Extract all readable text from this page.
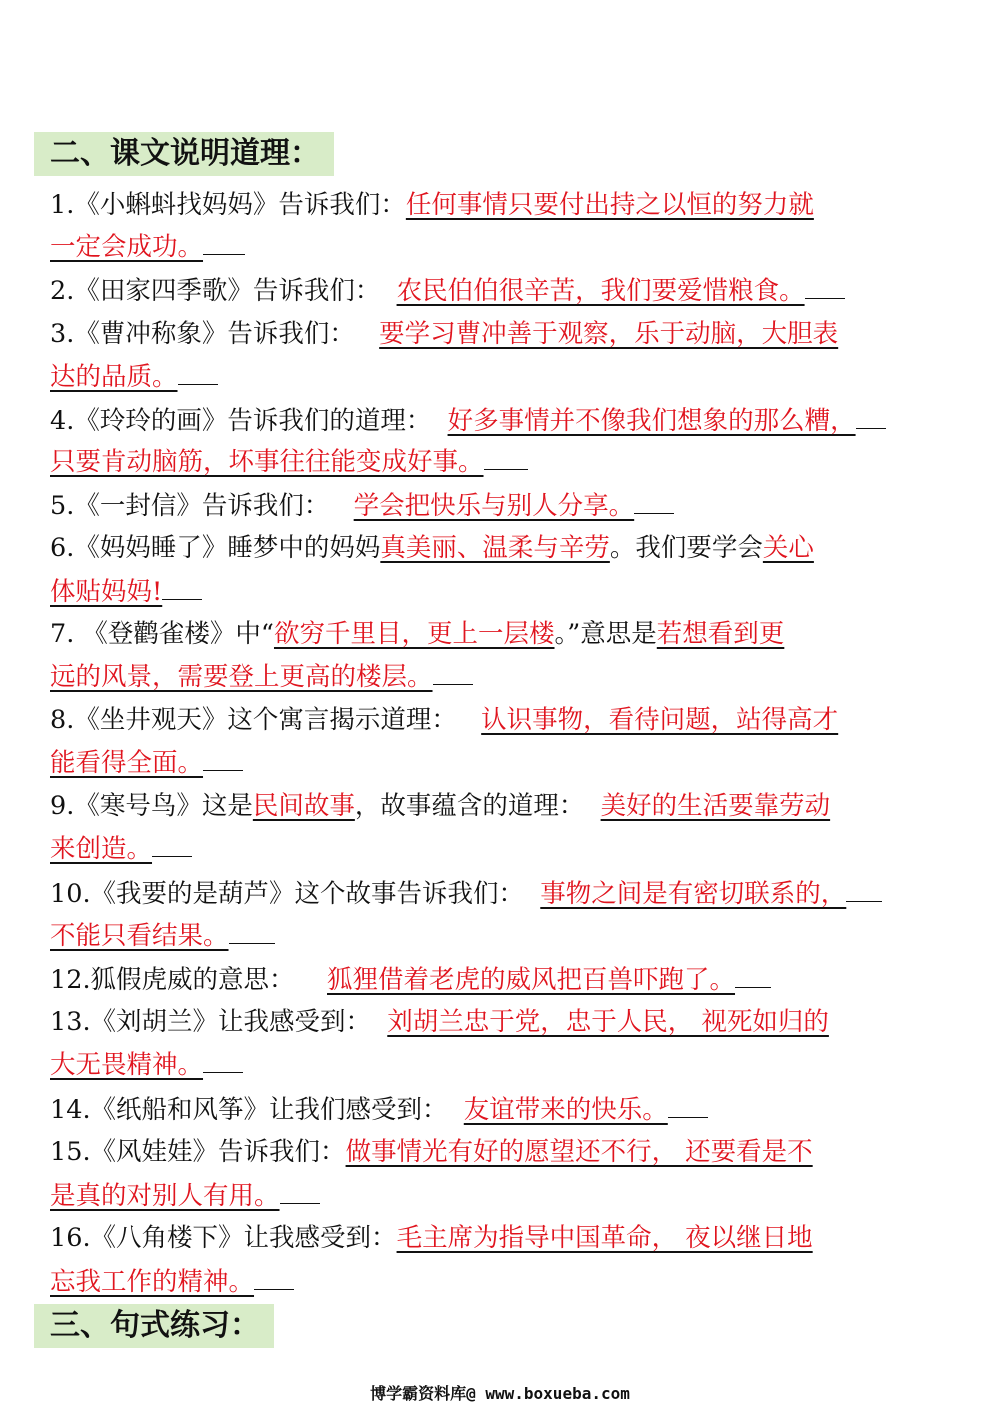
二、课文说明道理：
1.《小蝌蚪找妈妈》告诉我们：任何事情只要付出持之以恒的努力就
一定会成功。
2.《田家四季歌》告诉我们： 农民伯伯很辛苦，我们要爱惜粮食。
3.《曹冲称象》告诉我们： 要学习曹冲善于观察，乐于动脑，大胆表
达的品质。
4.《玲玲的画》告诉我们的道理： 好多事情并不像我们想象的那么糟，
只要肯动脑筋，坏事往往能变成好事。
5.《一封信》告诉我们： 学会把快乐与别人分享。
6.《妈妈睡了》睡梦中的妈妈真美丽、温柔与辛劳。我们要学会关心
体贴妈妈!
7. 《登鹳雀楼》中“欲穷千里目，更上一层楼。”意思是若想看到更
远的风景，需要登上更高的楼层。
8.《坐井观天》这个寓言揭示道理： 认识事物，看待问题，站得高才
能看得全面。
9.《寒号鸟》这是民间故事，故事蕴含的道理： 美好的生活要靠劳动
来创造。
10.《我要的是葫芦》这个故事告诉我们： 事物之间是有密切联系的，
不能只看结果。
12.狐假虎威的意思： 狐狸借着老虎的威风把百兽吓跑了。
13.《刘胡兰》让我感受到： 刘胡兰忠于党，忠于人民， 视死如归的
大无畏精神。
14.《纸船和风筝》让我们感受到： 友谊带来的快乐。
15.《风娃娃》告诉我们：做事情光有好的愿望还不行， 还要看是不
是真的对别人有用。
16.《八角楼下》让我感受到：毛主席为指导中国革命， 夜以继日地
忘我工作的精神。
三、句式练习：
博学霸资料库@ www.boxueba.com
